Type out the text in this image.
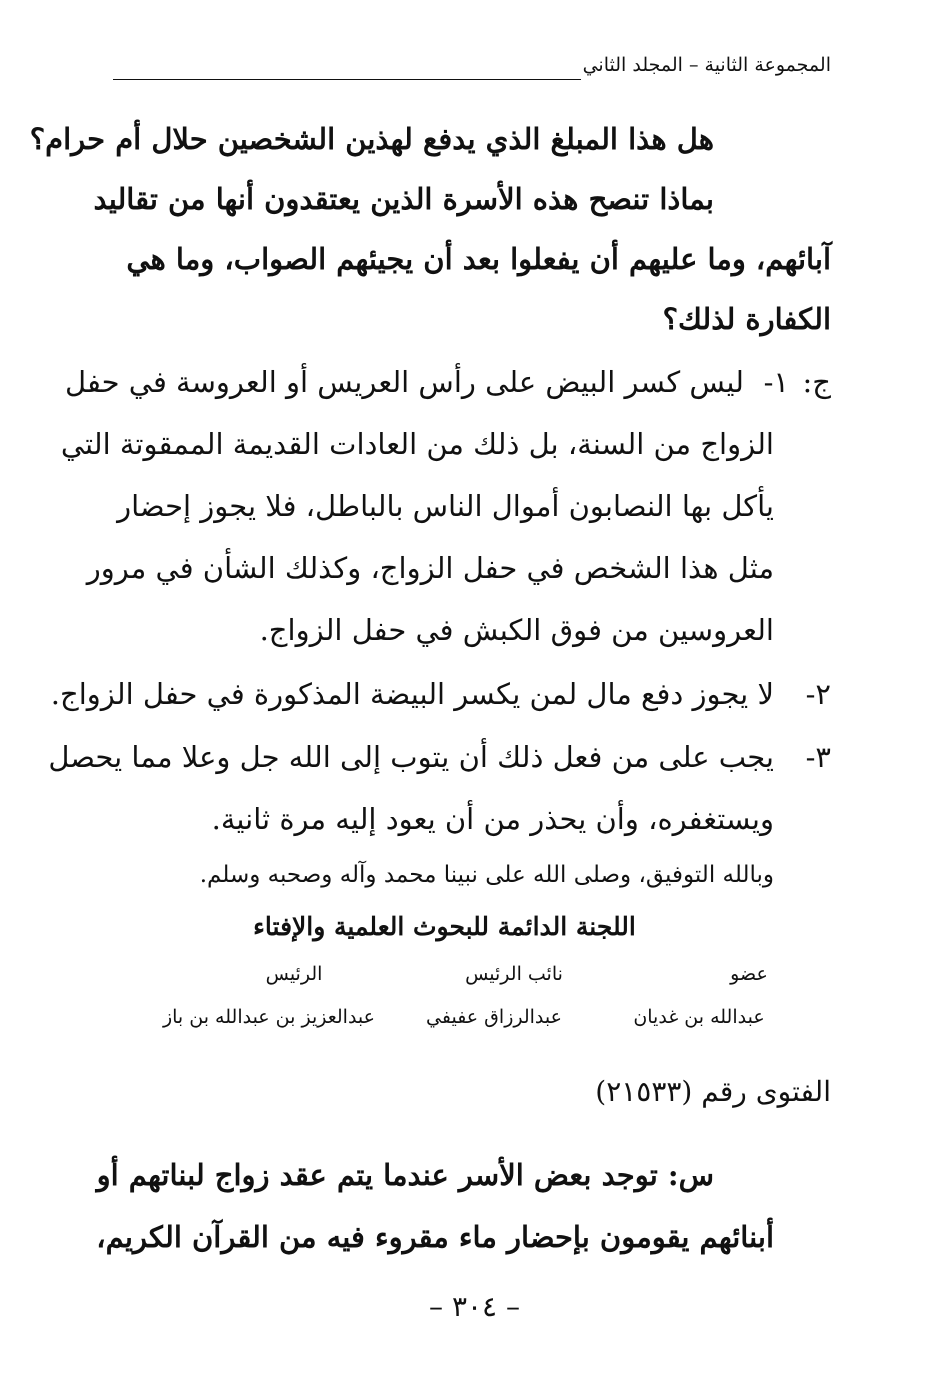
المجموعة الثانية – المجلد الثاني
هل هذا المبلغ الذي يدفع لهذين الشخصين حلال أم حرام؟
بماذا تنصح هذه الأسرة الذين يعتقدون أنها من تقاليد
آبائهم، وما عليهم أن يفعلوا بعد أن يجيئهم الصواب، وما هي
الكفارة لذلك؟
ج:
١-
ليس كسر البيض على رأس العريس أو العروسة في حفل
الزواج من السنة، بل ذلك من العادات القديمة الممقوتة التي
يأكل بها النصابون أموال الناس بالباطل، فلا يجوز إحضار
مثل هذا الشخص في حفل الزواج، وكذلك الشأن في مرور
العروسين من فوق الكبش في حفل الزواج.
٢-
لا يجوز دفع مال لمن يكسر البيضة المذكورة في حفل الزواج.
٣-
يجب على من فعل ذلك أن يتوب إلى الله جل وعلا مما يحصل
ويستغفره، وأن يحذر من أن يعود إليه مرة ثانية.
وبالله التوفيق، وصلى الله على نبينا محمد وآله وصحبه وسلم.
اللجنة الدائمة للبحوث العلمية والإفتاء
عضو
نائب الرئيس
الرئيس
عبدالله بن غديان
عبدالرزاق عفيفي
عبدالعزيز بن عبدالله بن باز
الفتوى رقم (٢١٥٣٣)
س: توجد بعض الأسر عندما يتم عقد زواج لبناتهم أو
أبنائهم يقومون بإحضار ماء مقروء فيه من القرآن الكريم،
– ٣٠٤ –
